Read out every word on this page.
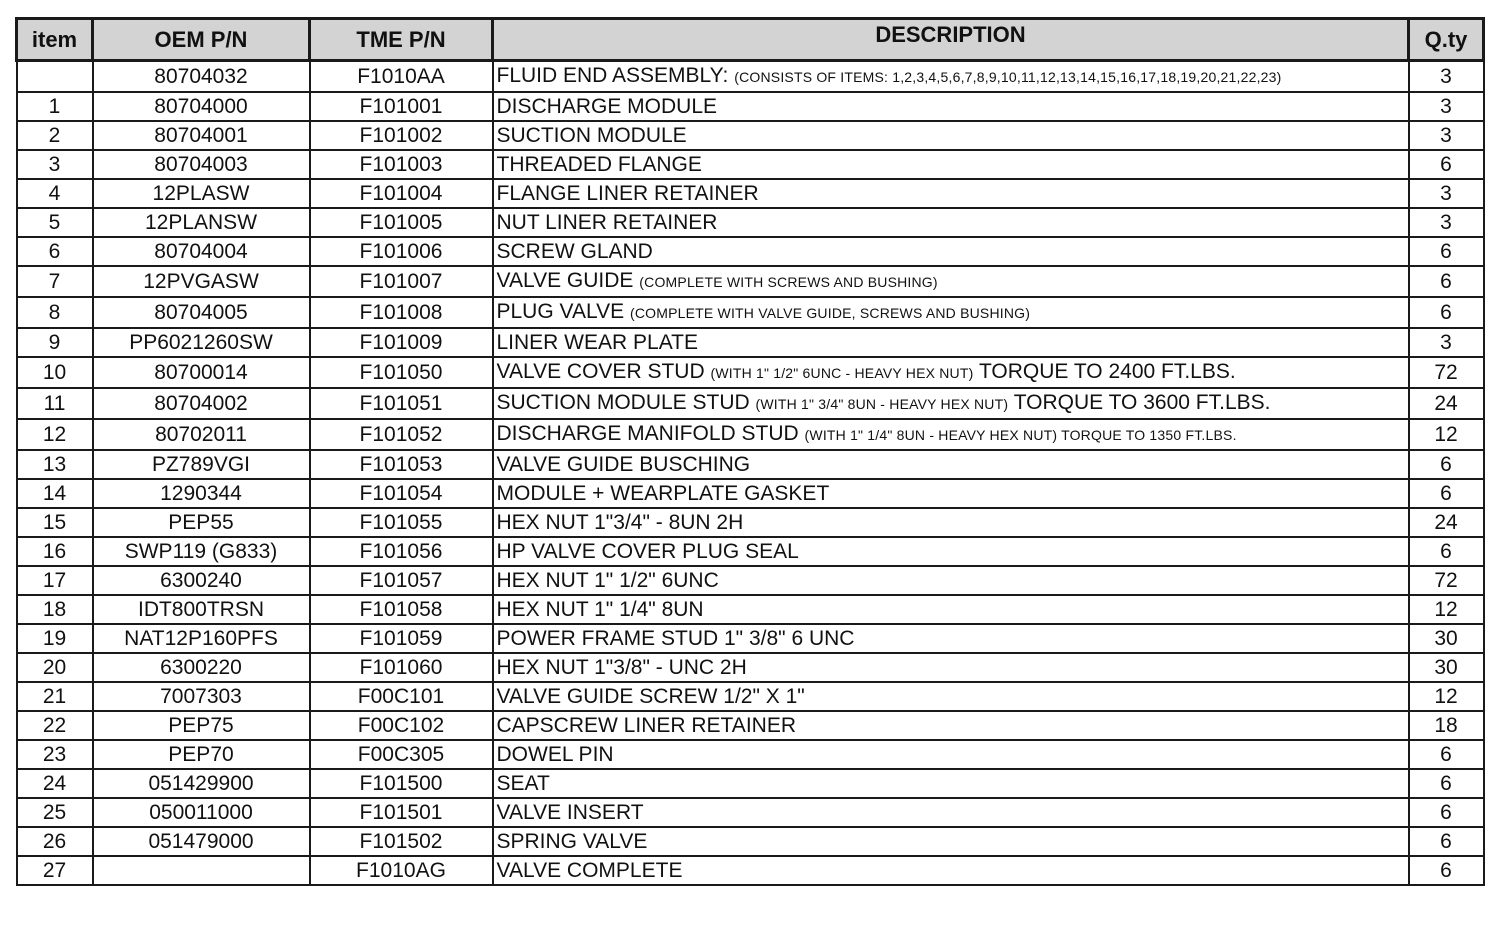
item	OEM P/N	TME P/N	DESCRIPTION	Q.ty
	80704032	F1010AA	FLUID END ASSEMBLY: (CONSISTS OF ITEMS: 1,2,3,4,5,6,7,8,9,10,11,12,13,14,15,16,17,18,19,20,21,22,23)	3
1	80704000	F101001	DISCHARGE MODULE	3
2	80704001	F101002	SUCTION MODULE	3
3	80704003	F101003	THREADED FLANGE	6
4	12PLASW	F101004	FLANGE LINER RETAINER	3
5	12PLANSW	F101005	NUT LINER RETAINER	3
6	80704004	F101006	SCREW GLAND	6
7	12PVGASW	F101007	VALVE GUIDE (COMPLETE WITH SCREWS AND BUSHING)	6
8	80704005	F101008	PLUG VALVE (COMPLETE WITH VALVE GUIDE, SCREWS AND BUSHING)	6
9	PP6021260SW	F101009	LINER WEAR PLATE	3
10	80700014	F101050	VALVE COVER STUD (WITH 1" 1/2" 6UNC - HEAVY HEX NUT) TORQUE TO 2400 FT.LBS.	72
11	80704002	F101051	SUCTION MODULE STUD (WITH 1" 3/4" 8UN - HEAVY HEX NUT) TORQUE TO 3600 FT.LBS.	24
12	80702011	F101052	DISCHARGE MANIFOLD STUD (WITH 1" 1/4" 8UN - HEAVY HEX NUT) TORQUE TO 1350 FT.LBS.	12
13	PZ789VGI	F101053	VALVE GUIDE BUSCHING	6
14	1290344	F101054	MODULE + WEARPLATE GASKET	6
15	PEP55	F101055	HEX NUT 1"3/4" - 8UN 2H	24
16	SWP119 (G833)	F101056	HP VALVE COVER PLUG SEAL	6
17	6300240	F101057	HEX NUT 1" 1/2" 6UNC	72
18	IDT800TRSN	F101058	HEX NUT 1" 1/4" 8UN	12
19	NAT12P160PFS	F101059	POWER FRAME STUD 1" 3/8" 6 UNC	30
20	6300220	F101060	HEX NUT 1"3/8" - UNC 2H	30
21	7007303	F00C101	VALVE GUIDE SCREW 1/2" X 1"	12
22	PEP75	F00C102	CAPSCREW LINER RETAINER	18
23	PEP70	F00C305	DOWEL PIN	6
24	051429900	F101500	SEAT	6
25	050011000	F101501	VALVE INSERT	6
26	051479000	F101502	SPRING VALVE	6
27		F1010AG	VALVE COMPLETE	6
